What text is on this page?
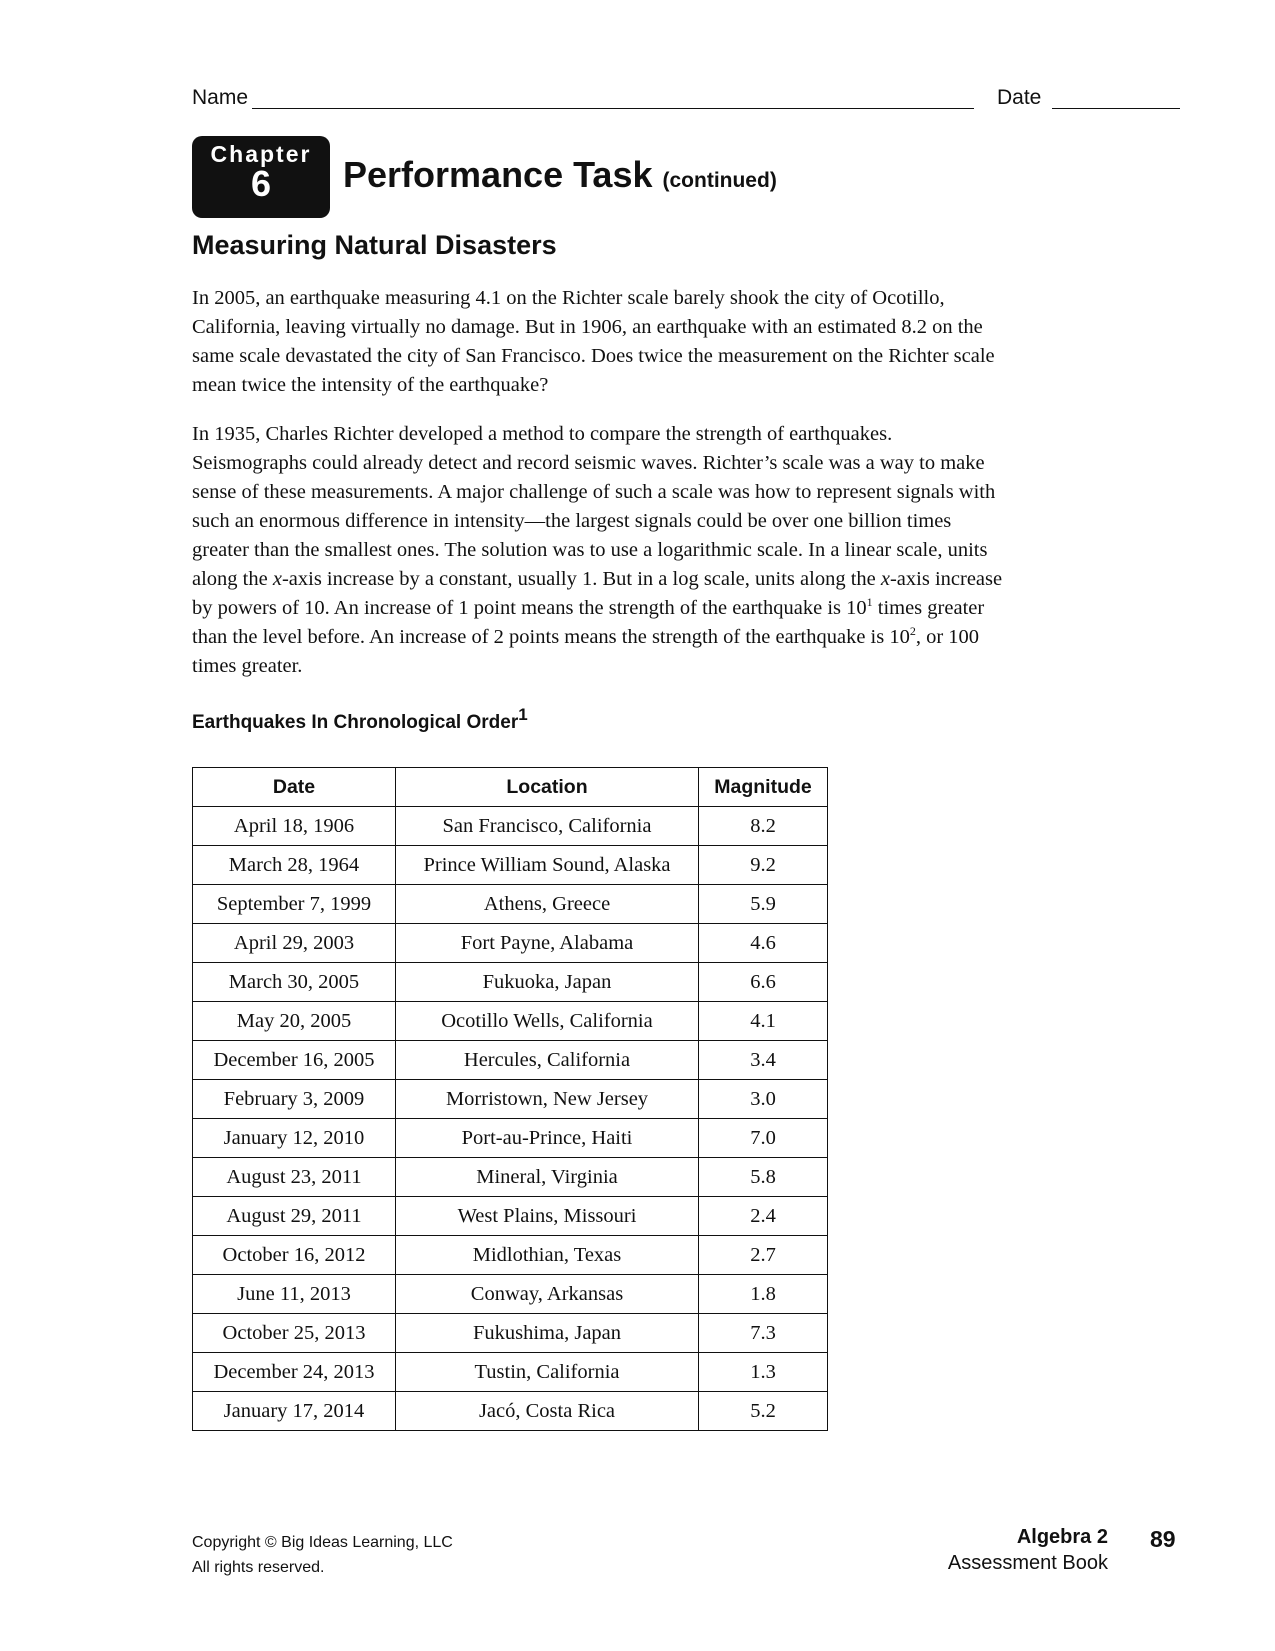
Name	Date
Chapter
6	Performance Task (continued)
Measuring Natural Disasters

In 2005, an earthquake measuring 4.1 on the Richter scale barely shook the city of Ocotillo, California, leaving virtually no damage. But in 1906, an earthquake with an estimated 8.2 on the same scale devastated the city of San Francisco. Does twice the measurement on the Richter scale mean twice the intensity of the earthquake?

In 1935, Charles Richter developed a method to compare the strength of earthquakes. Seismographs could already detect and record seismic waves. Richter’s scale was a way to make sense of these measurements. A major challenge of such a scale was how to represent signals with such an enormous difference in intensity—the largest signals could be over one billion times greater than the smallest ones. The solution was to use a logarithmic scale. In a linear scale, units along the x-axis increase by a constant, usually 1. But in a log scale, units along the x-axis increase by powers of 10. An increase of 1 point means the strength of the earthquake is $10^1$ times greater than the level before. An increase of 2 points means the strength of the earthquake is $10^2$, or 100 times greater.

Earthquakes In Chronological Order$^1$
Date	Location	Magnitude
April 18, 1906	San Francisco, California	8.2
March 28, 1964	Prince William Sound, Alaska	9.2
September 7, 1999	Athens, Greece	5.9
April 29, 2003	Fort Payne, Alabama	4.6
March 30, 2005	Fukuoka, Japan	6.6
May 20, 2005	Ocotillo Wells, California	4.1
December 16, 2005	Hercules, California	3.4
February 3, 2009	Morristown, New Jersey	3.0
January 12, 2010	Port-au-Prince, Haiti	7.0
August 23, 2011	Mineral, Virginia	5.8
August 29, 2011	West Plains, Missouri	2.4
October 16, 2012	Midlothian, Texas	2.7
June 11, 2013	Conway, Arkansas	1.8
October 25, 2013	Fukushima, Japan	7.3
December 24, 2013	Tustin, California	1.3
January 17, 2014	Jacó, Costa Rica	5.2
Copyright © Big Ideas Learning, LLC
All rights reserved.
Algebra 2
Assessment Book
89
